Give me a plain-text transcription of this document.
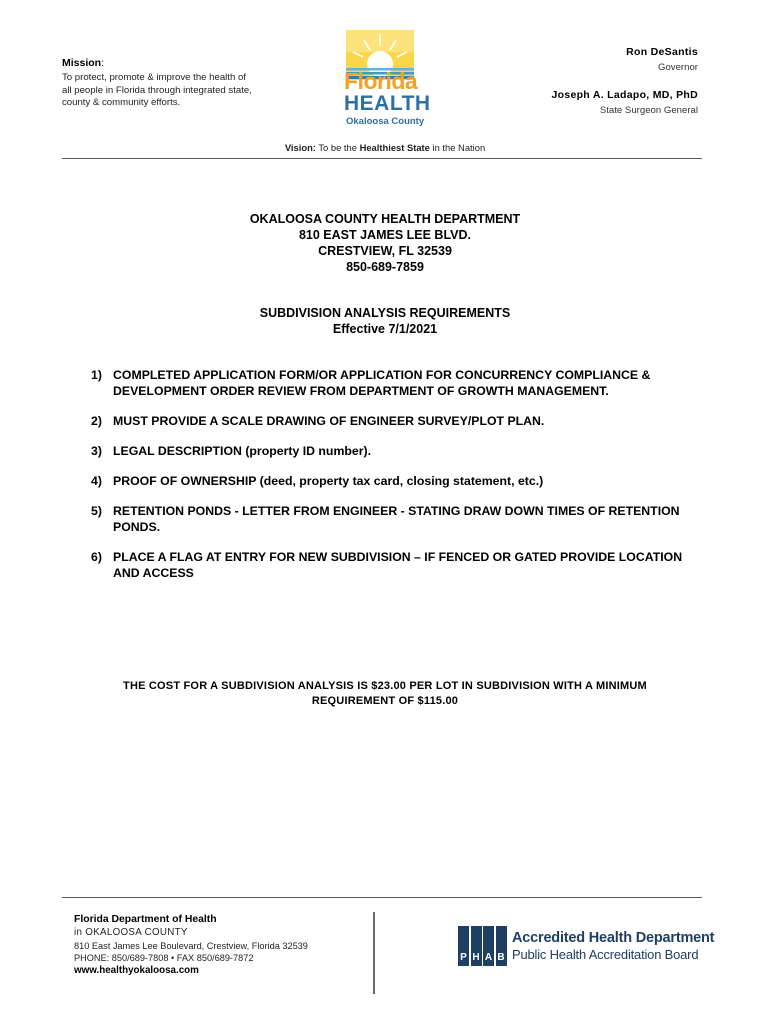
Mission:
To protect, promote & improve the health of all people in Florida through integrated state, county & community efforts.
Florida
HEALTH
Okaloosa County
Ron DeSantis
Governor
Joseph A. Ladapo, MD, PhD
State Surgeon General
Vision: To be the Healthiest State in the Nation
OKALOOSA COUNTY HEALTH DEPARTMENT
810 EAST JAMES LEE BLVD.
CRESTVIEW, FL 32539
850-689-7859
SUBDIVISION ANALYSIS REQUIREMENTS
Effective 7/1/2021
1) COMPLETED APPLICATION FORM/OR APPLICATION FOR CONCURRENCY COMPLIANCE & DEVELOPMENT ORDER REVIEW FROM DEPARTMENT OF GROWTH MANAGEMENT.
2) MUST PROVIDE A SCALE DRAWING OF ENGINEER SURVEY/PLOT PLAN.
3) LEGAL DESCRIPTION (property ID number).
4) PROOF OF OWNERSHIP (deed, property tax card, closing statement, etc.)
5) RETENTION PONDS - LETTER FROM ENGINEER - STATING DRAW DOWN TIMES OF RETENTION PONDS.
6) PLACE A FLAG AT ENTRY FOR NEW SUBDIVISION – IF FENCED OR GATED PROVIDE LOCATION AND ACCESS
THE COST FOR A SUBDIVISION ANALYSIS IS $23.00 PER LOT IN SUBDIVISION WITH A MINIMUM
REQUIREMENT OF $115.00
Florida Department of Health
in OKALOOSA COUNTY
810 East James Lee Boulevard, Crestview, Florida 32539
PHONE: 850/689-7808 • FAX 850/689-7872
www.healthyokaloosa.com
P H A B
Accredited Health Department
Public Health Accreditation Board
